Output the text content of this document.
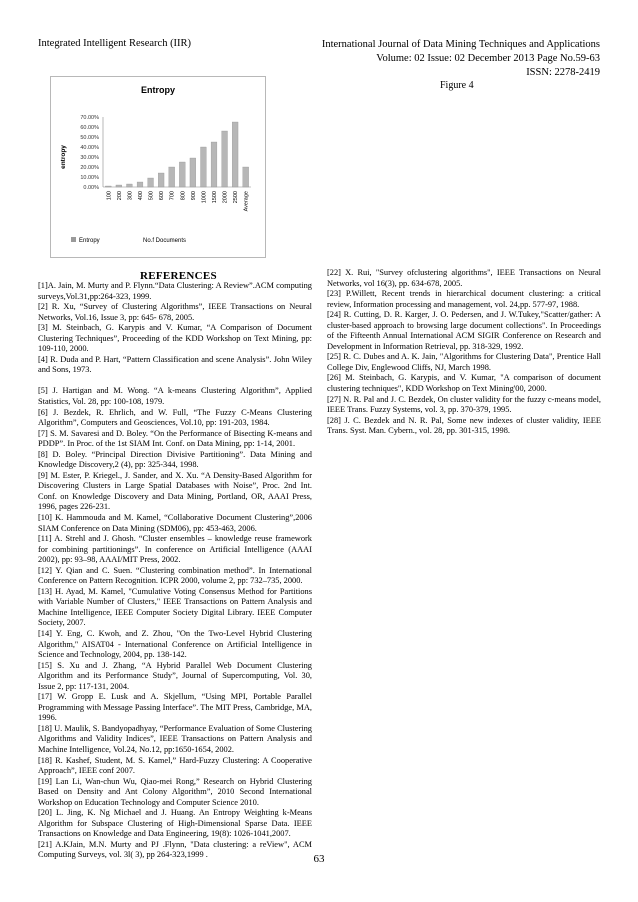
Integrated Intelligent Research (IIR)	International Journal of Data Mining Techniques and Applications
Volume: 02 Issue: 02 December 2013 Page No.59-63
ISSN: 2278-2419
Figure 4
Entropy
0.00%
10.00%
20.00%
30.00%
40.00%
50.00%
60.00%
70.00%
entropy
100 200 300 400 500 600 700 800 900 1000 1500 2000 2500 Average
Entropy	No.f Documents
REFERENCES

[1]A. Jain, M. Murty and P. Flynn.“Data Clustering: A Review”.ACM computing surveys,Vol.31,pp:264-323, 1999.

[2] R. Xu, “Survey of Clustering Algorithms”, IEEE Transactions on Neural Networks, Vol.16, Issue 3, pp: 645- 678, 2005.

[3] M. Steinbach, G. Karypis and V. Kumar, “A Comparison of Document Clustering Techniques”, Proceeding of the KDD Workshop on Text Mining, pp: 109-110, 2000.

[4] R. Duda and P. Hart, “Pattern Classification and scene Analysis”. John Wiley and Sons, 1973.

[5] J. Hartigan and M. Wong. “A k-means Clustering Algorithm”, Applied Statistics, Vol. 28, pp: 100-108, 1979.

[6] J. Bezdek, R. Ehrlich, and W. Full, “The Fuzzy C-Means Clustering Algorithm”, Computers and Geosciences, Vol.10, pp: 191-203, 1984.

[7] S. M. Savaresi and D. Boley. “On the Performance of Bisecting K-means and PDDP”. In Proc. of the 1st SIAM Int. Conf. on Data Mining, pp: 1-14, 2001.

[8] D. Boley. “Principal Direction Divisive Partitioning”. Data Mining and Knowledge Discovery,2 (4), pp: 325-344, 1998.

[9] M. Ester, P. Kriegel., J. Sander, and X. Xu. “A Density-Based Algorithm for Discovering Clusters in Large Spatial Databases with Noise”, Proc. 2nd Int. Conf. on Knowledge Discovery and Data Mining, Portland, OR, AAAI Press, 1996, pages 226-231.

[10] K. Hammouda and M. Kamel, “Collaborative Document Clustering”,2006 SIAM Conference on Data Mining (SDM06), pp: 453-463, 2006.

[11] A. Strehl and J. Ghosh. “Cluster ensembles – knowledge reuse framework for combining partitionings”. In conference on Artificial Intelligence (AAAI 2002), pp: 93–98, AAAI/MIT Press, 2002.

[12] Y. Qian and C. Suen. “Clustering combination method”. In International Conference on Pattern Recognition. ICPR 2000, volume 2, pp: 732–735, 2000.

[13] H. Ayad, M. Kamel, "Cumulative Voting Consensus Method for Partitions with Variable Number of Clusters," IEEE Transactions on Pattern Analysis and Machine Intelligence, IEEE Computer Society Digital Library. IEEE Computer Society, 2007.

[14] Y. Eng, C. Kwoh, and Z. Zhou, ''On the Two-Level Hybrid Clustering Algorithm,'' AISAT04 - International Conference on Artificial Intelligence in Science and Technology, 2004, pp. 138-142.

[15] S. Xu and J. Zhang, “A Hybrid Parallel Web Document Clustering Algorithm and its Performance Study”, Journal of Supercomputing, Vol. 30, Issue 2, pp: 117-131, 2004.

[17] W. Gropp E. Lusk and A. Skjellum, “Using MPI, Portable Parallel Programming with Message Passing Interface”. The MIT Press, Cambridge, MA, 1996.

[18] U. Maulik, S. Bandyopadhyay, “Performance Evaluation of Some Clustering Algorithms and Validity Indices”, IEEE Transactions on Pattern Analysis and Machine Intelligence, Vol.24, No.12, pp:1650-1654, 2002.

[18] R. Kashef, Student, M. S. Kamel,” Hard-Fuzzy Clustering: A Cooperative Approach”, IEEE conf 2007.

[19] Lan Li, Wan-chun Wu, Qiao-mei Rong,” Research on Hybrid Clustering Based on Density and Ant Colony Algorithm”, 2010 Second International Workshop on Education Technology and Computer Science 2010.

[20] L. Jing, K. Ng Michael and J. Huang. An Entropy Weighting k-Means Algorithm for Subspace Clustering of High-Dimensional Sparse Data. IEEE Transactions on Knowledge and Data Engineering, 19(8): 1026-1041,2007.

[21] A.KJain, M.N. Murty and PJ .Flynn, "Data clustering: a reView", ACM Computing Surveys, vol. 3l( 3), pp 264-323,1999 .

[22] X. Rui, "Survey ofclustering algorithms", IEEE Transactions on Neural Networks, vol 16(3), pp. 634-678, 2005.

[23] P.Willett, Recent trends in hierarchical document clustering: a critical review, Information processing and management, vol. 24,pp. 577-97, 1988.

[24] R. Cutting, D. R. Karger, J. O. Pedersen, and J. W.Tukey,"Scatter/gather: A cluster-based approach to browsing large document collections". In Proceedings of the Fifteenth Annual International ACM SIGIR Conference on Research and Development in Information Retrieval, pp. 318-329, 1992.

[25] R. C. Dubes and A. K. Jain, "Algorithms for Clustering Data", Prentice Hall College Div, Englewood Cliffs, NJ, March 1998.

[26] M. Steinbach, G. Karypis, and V. Kumar, "A comparison of document clustering techniques", KDD Workshop on Text Mining'00, 2000.

[27] N. R. Pal and J. C. Bezdek, On cluster validity for the fuzzy c-means model, IEEE Trans. Fuzzy Systems, vol. 3, pp. 370-379, 1995.

[28] J. C. Bezdek and N. R. Pal, Some new indexes of cluster validity, IEEE Trans. Syst. Man. Cybern., vol. 28, pp. 301-315, 1998.

63
